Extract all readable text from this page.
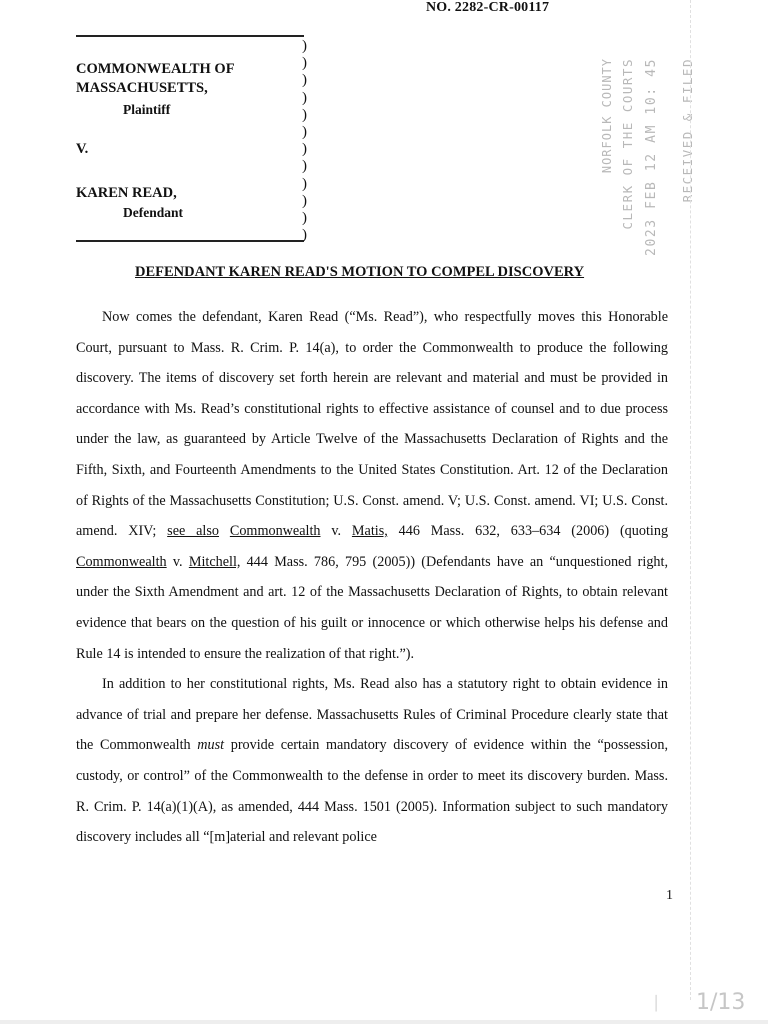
NO. 2282-CR-00117
)
)
)
)
)
)
)
)
)
)
)
)
COMMONWEALTH OF
MASSACHUSETTS,
Plaintiff
V.
KAREN READ,
Defendant
NORFOLK COUNTY CLERK OF THE COURTS 2023 FEB 12 AM 10: 45 RECEIVED & FILED
DEFENDANT KAREN READ'S MOTION TO COMPEL DISCOVERY

Now comes the defendant, Karen Read (“Ms. Read”), who respectfully moves this Honorable Court, pursuant to Mass. R. Crim. P. 14(a), to order the Commonwealth to produce the following discovery. The items of discovery set forth herein are relevant and material and must be provided in accordance with Ms. Read’s constitutional rights to effective assistance of counsel and to due process under the law, as guaranteed by Article Twelve of the Massachusetts Declaration of Rights and the Fifth, Sixth, and Fourteenth Amendments to the United States Constitution. Art. 12 of the Declaration of Rights of the Massachusetts Constitution; U.S. Const. amend. V; U.S. Const. amend. VI; U.S. Const. amend. XIV; see also Commonwealth v. Matis, 446 Mass. 632, 633–634 (2006) (quoting Commonwealth v. Mitchell, 444 Mass. 786, 795 (2005)) (Defendants have an “unquestioned right, under the Sixth Amendment and art. 12 of the Massachusetts Declaration of Rights, to obtain relevant evidence that bears on the question of his guilt or innocence or which otherwise helps his defense and Rule 14 is intended to ensure the realization of that right.”).

In addition to her constitutional rights, Ms. Read also has a statutory right to obtain evidence in advance of trial and prepare her defense. Massachusetts Rules of Criminal Procedure clearly state that the Commonwealth must provide certain mandatory discovery of evidence within the “possession, custody, or control” of the Commonwealth to the defense in order to meet its discovery burden. Mass. R. Crim. P. 14(a)(1)(A), as amended, 444 Mass. 1501 (2005). Information subject to such mandatory discovery includes all “[m]aterial and relevant police

1
│ 1/13
